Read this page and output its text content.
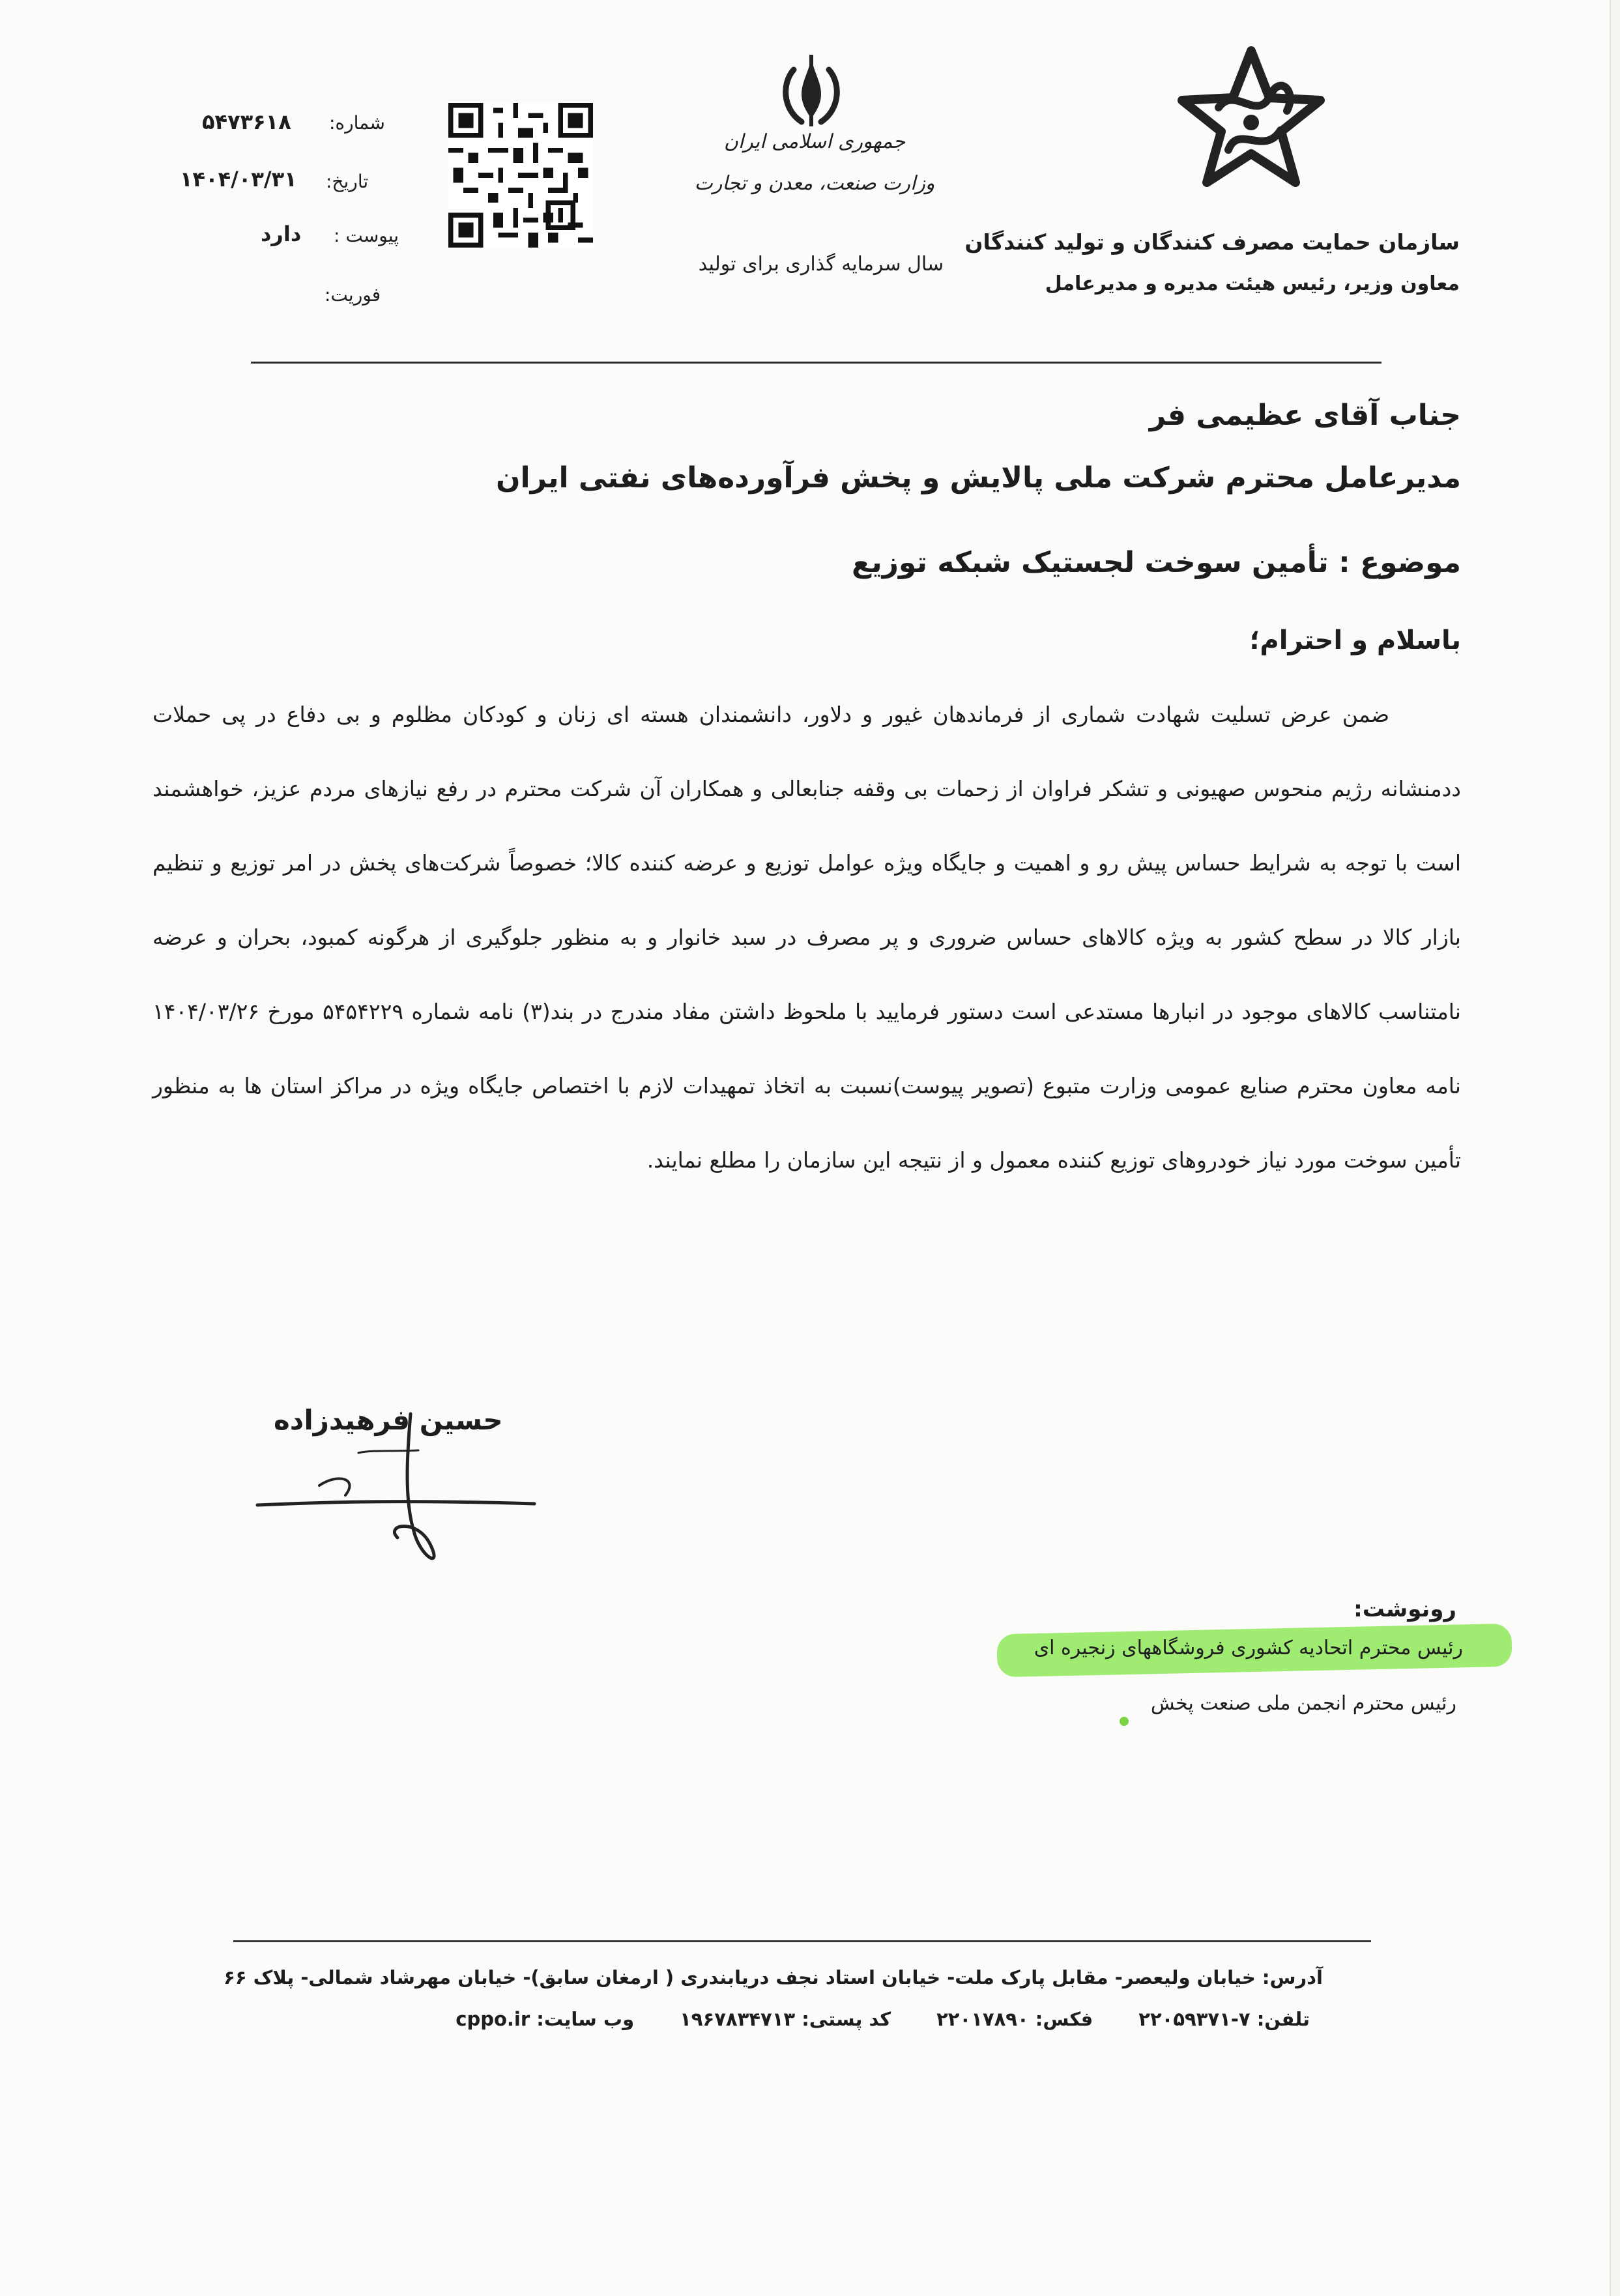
سازمان حمایت مصرف کنندگان و تولید کنندگان
معاون وزیر، رئیس هیئت مدیره و مدیرعامل
جمهوری اسلامی ایران
وزارت صنعت، معدن و تجارت
سال سرمایه گذاری برای تولید
شماره:
۵۴۷۳۶۱۸
تاریخ:
۱۴۰۴/۰۳/۳۱
پیوست :
دارد
فوریت:
جناب آقای عظیمی فر
مدیرعامل محترم شرکت ملی پالایش و پخش فرآورده‌های نفتی ایران
موضوع : تأمین سوخت لجستیک شبکه توزیع
باسلام و احترام؛
ضمن عرض تسلیت شهادت شماری از فرماندهان غیور و دلاور، دانشمندان هسته ای زنان و کودکان مظلوم و بی دفاع در پی حملات ددمنشانه رژیم منحوس صهیونی و تشکر فراوان از زحمات بی وقفه جنابعالی و همکاران آن شرکت محترم در رفع نیازهای مردم عزیز، خواهشمند است با توجه به شرایط حساس پیش رو و اهمیت و جایگاه ویژه عوامل توزیع و عرضه کننده کالا؛ خصوصاً شرکت‌های پخش در امر توزیع و تنظیم بازار کالا در سطح کشور به ویژه کالاهای حساس ضروری و پر مصرف در سبد خانوار و به منظور جلوگیری از هرگونه کمبود، بحران و عرضه نامتناسب کالاهای موجود در انبارها مستدعی است دستور فرمایید با ملحوظ داشتن مفاد مندرج در بند(۳) نامه شماره ۵۴۵۴۲۲۹ مورخ ۱۴۰۴/۰۳/۲۶ نامه معاون محترم صنایع عمومی وزارت متبوع (تصویر پیوست)نسبت به اتخاذ تمهیدات لازم با اختصاص جایگاه ویژه در مراکز استان ها به منظور تأمین سوخت مورد نیاز خودروهای توزیع کننده معمول و از نتیجه این سازمان را مطلع نمایند.
حسین فرهیدزاده
رونوشت:
رئیس محترم اتحادیه کشوری فروشگاههای زنجیره ای
رئیس محترم انجمن ملی صنعت پخش
آدرس: خیابان ولیعصر- مقابل پارک ملت- خیابان استاد نجف دریابندری ( ارمغان سابق)- خیابان مهرشاد شمالی- پلاک ۶۶
تلفن: ۷-۲۲۰۵۹۳۷۱
فکس: ۲۲۰۱۷۸۹۰
کد پستی: ۱۹۶۷۸۳۴۷۱۳
وب سایت: cppo.ir
